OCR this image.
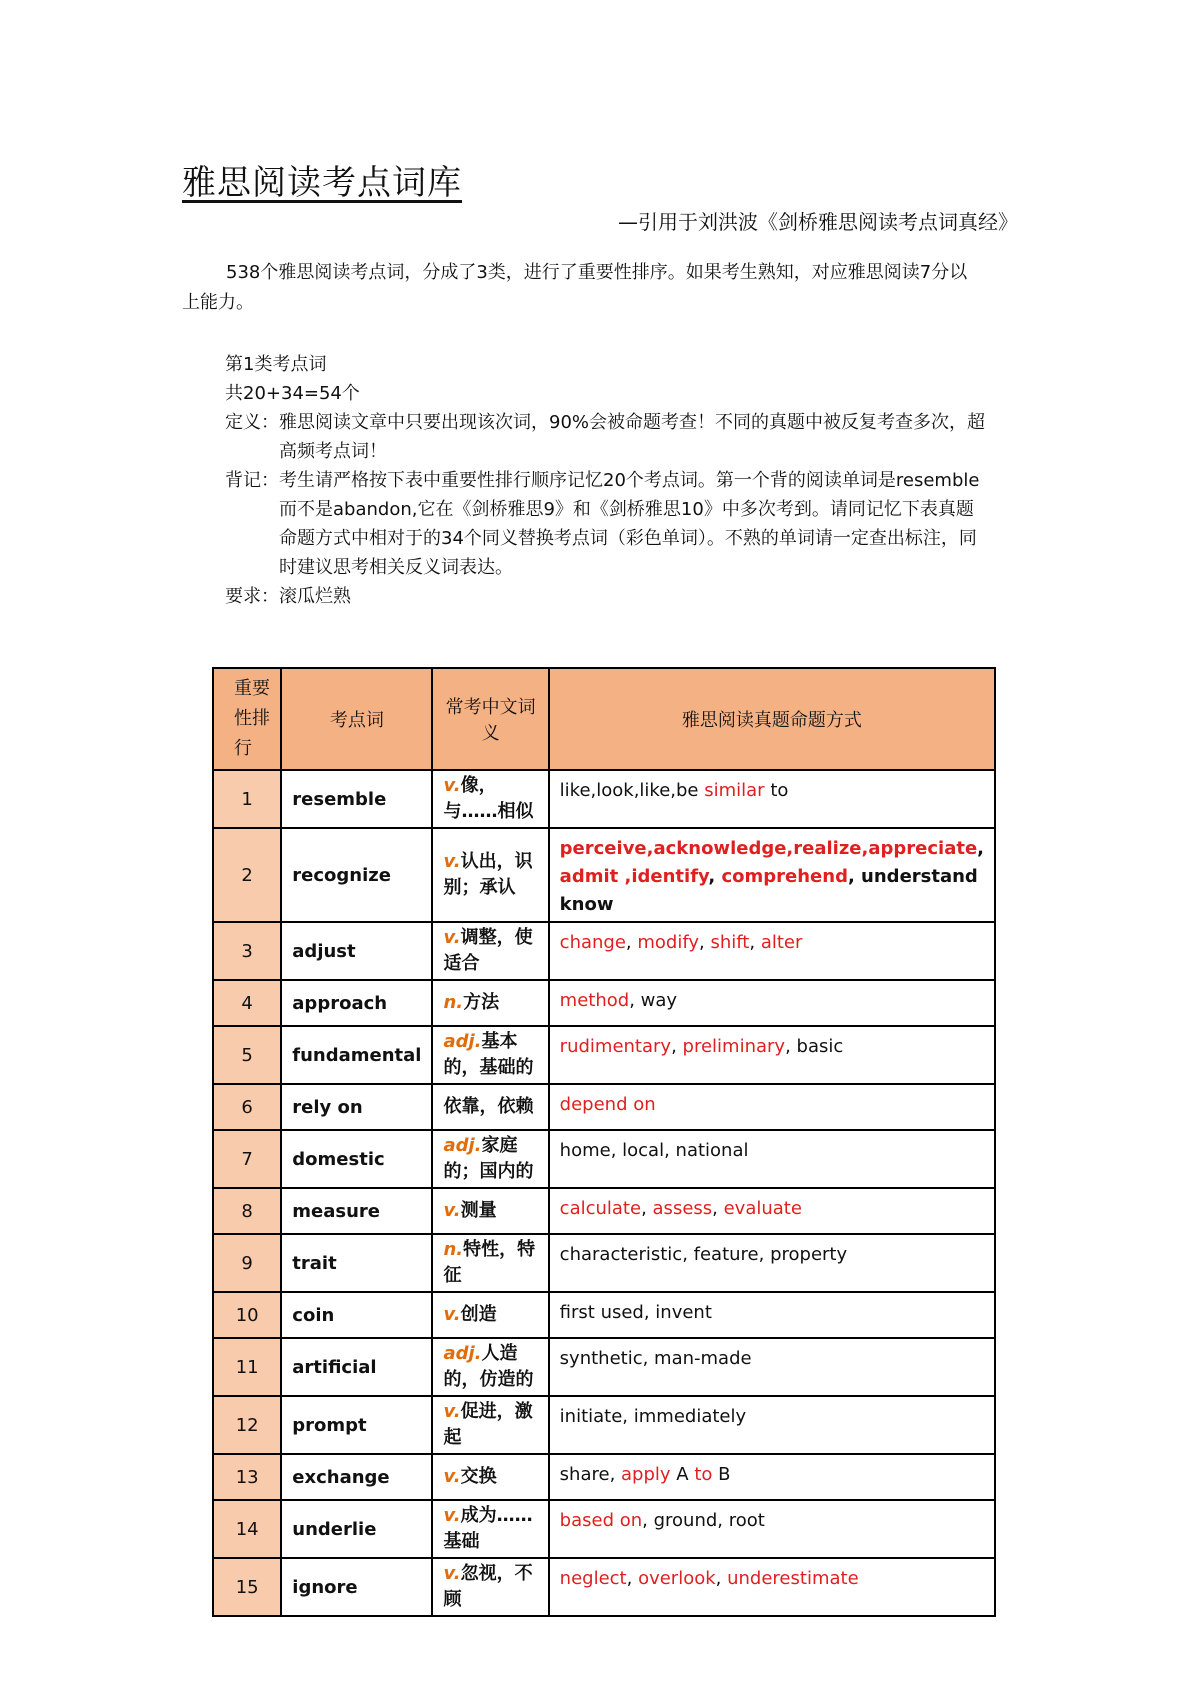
雅思阅读考点词库
—引用于刘洪波《剑桥雅思阅读考点词真经》

538个雅思阅读考点词，分成了3类，进行了重要性排序。如果考生熟知，对应雅思阅读7分以上能力。

第1类考点词
共20+34=54个
定义： 雅思阅读文章中只要出现该次词，90%会被命题考查！不同的真题中被反复考查多次，超高频考点词！
背记： 考生请严格按下表中重要性排行顺序记忆20个考点词。第一个背的阅读单词是resemble而不是abandon,它在《剑桥雅思9》和《剑桥雅思10》中多次考到。请同记忆下表真题命题方式中相对于的34个同义替换考点词（彩色单词）。不熟的单词请一定查出标注，同时建议思考相关反义词表达。
要求： 滚瓜烂熟
重要性排行	考点词	常考中文词义	雅思阅读真题命题方式
1	resemble	v.像，与……相似	like,look,like,be similar to
2	recognize	v.认出，识别；承认	perceive,acknowledge,realize,appreciate, admit ,identify, comprehend, understand know
3	adjust	v.调整，使适合	change, modify, shift, alter
4	approach	n.方法	method, way
5	fundamental	adj.基本的，基础的	rudimentary, preliminary, basic
6	rely on	依靠，依赖	depend on
7	domestic	adj.家庭的；国内的	home, local, national
8	measure	v.测量	calculate, assess, evaluate
9	trait	n.特性，特征	characteristic, feature, property
10	coin	v.创造	first used, invent
11	artificial	adj.人造的，仿造的	synthetic, man-made
12	prompt	v.促进，激起	initiate, immediately
13	exchange	v.交换	share, apply A to B
14	underlie	v.成为……基础	based on, ground, root
15	ignore	v.忽视，不顾	neglect, overlook, underestimate
